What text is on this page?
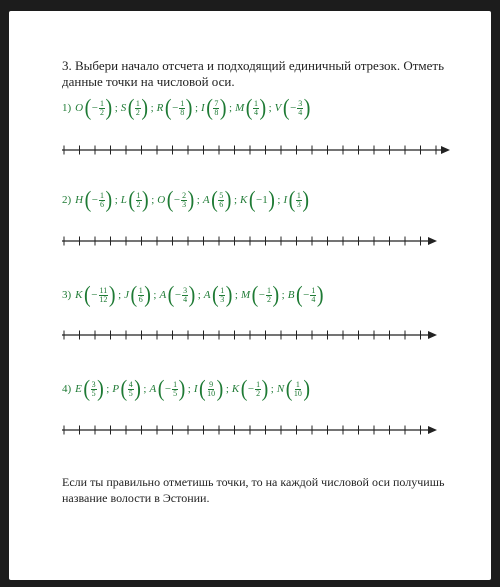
3. Выбери начало отсчета и подходящий единичный отрезок. Отметь данные точки на числовой оси.
1) O ( − $\frac{1}{2}$ ) ; S ( $\frac{1}{2}$ ) ; R ( − $\frac{1}{8}$ ) ; I ( $\frac{7}{8}$ ) ; M ( $\frac{1}{4}$ ) ; V ( − $\frac{3}{4}$ )
2) H ( − $\frac{1}{6}$ ) ; L ( $\frac{1}{2}$ ) ; O ( − $\frac{2}{3}$ ) ; A ( $\frac{5}{6}$ ) ; K ( −1 ) ; I ( $\frac{1}{3}$ )
3) K ( − $\frac{11}{12}$ ) ; J ( $\frac{1}{6}$ ) ; A ( − $\frac{3}{4}$ ) ; A ( $\frac{1}{3}$ ) ; M ( − $\frac{1}{2}$ ) ; B ( − $\frac{1}{4}$ )
4) E ( $\frac{3}{5}$ ) ; P ( $\frac{4}{5}$ ) ; A ( − $\frac{1}{5}$ ) ; I ( $\frac{9}{10}$ ) ; K ( − $\frac{1}{2}$ ) ; N ( $\frac{1}{10}$ )
Если ты правильно отметишь точки, то на каждой числовой оси получишь название волости в Эстонии.
